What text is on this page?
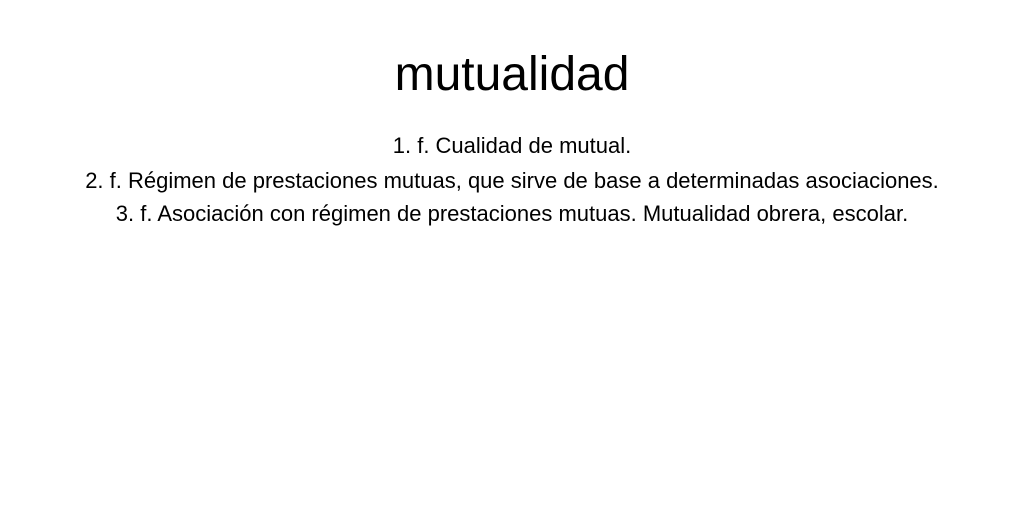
mutualidad
1. f. Cualidad de mutual.
2. f. Régimen de prestaciones mutuas, que sirve de base a determinadas asociaciones.
3. f. Asociación con régimen de prestaciones mutuas. Mutualidad obrera, escolar.
